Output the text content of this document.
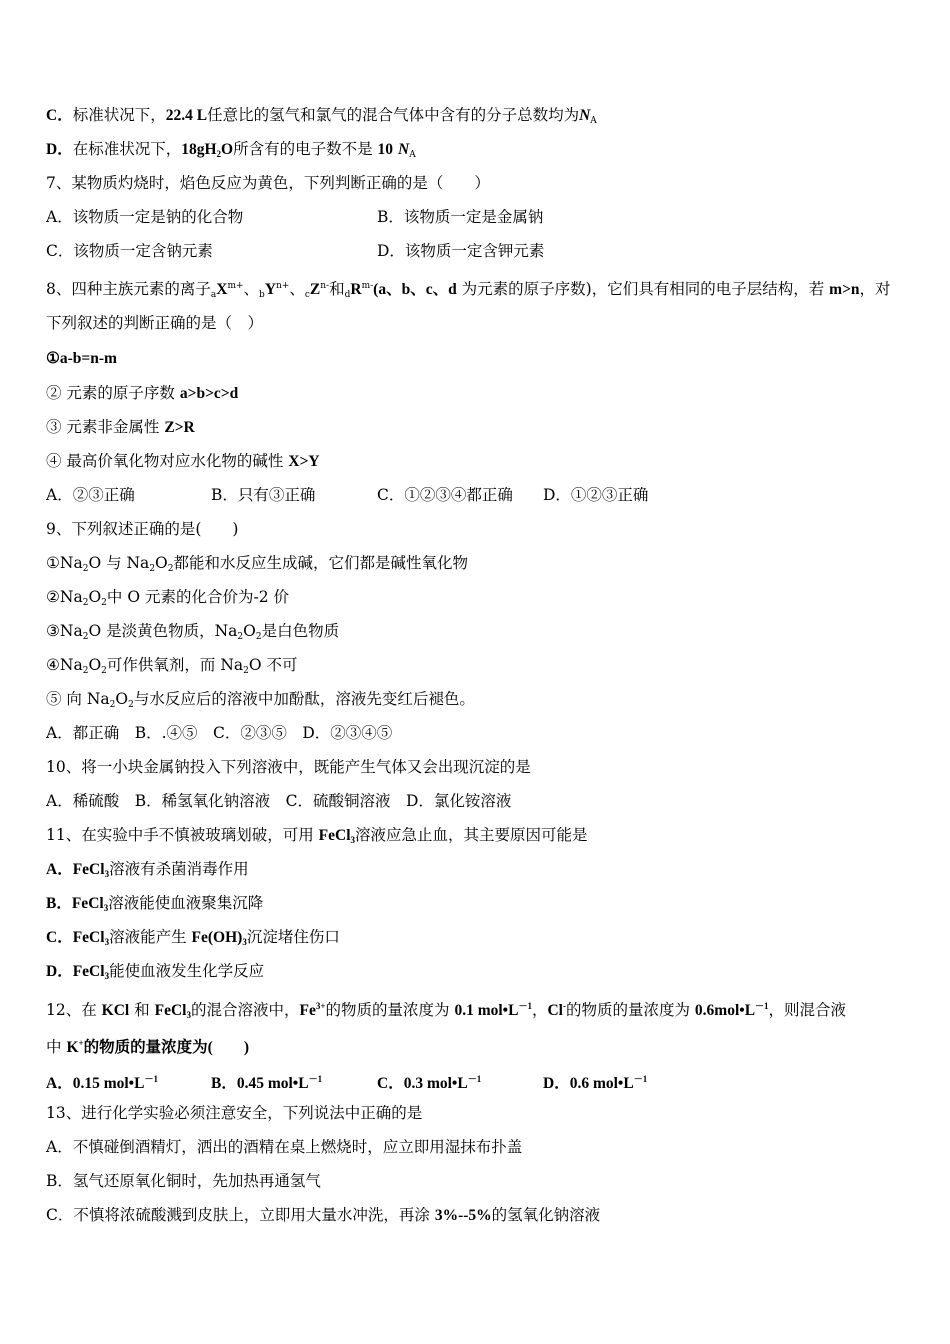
C．标准状况下，22.4 L任意比的氢气和氯气的混合气体中含有的分子总数均为$N_A$
D．在标准状况下，$18gH_2O$所含有的电子数不是 10 $N_A$
7、某物质灼烧时，焰色反应为黄色，下列判断正确的是（　　）
A．该物质一定是钠的化合物	B．该物质一定是金属钠
C．该物质一定含钠元素	D．该物质一定含钾元素
8、四种主族元素的离子$_aX^{m+}$、$_bY^{n+}$、$_cZ^{n-}$和$_dR^{m-}(a$、b、c、d 为元素的原子序数)，它们具有相同的电子层结构，若 m>n，对
下列叙述的判断正确的是（　）
①a-b=n-m
② 元素的原子序数 a>b>c>d
③ 元素非金属性 Z>R
④ 最高价氧化物对应水化物的碱性 X>Y
A．②③正确	B．只有③正确	C．①②③④都正确	D．①②③正确
9、下列叙述正确的是(　　)
$①Na_2O$ 与 $Na_2O_2$都能和水反应生成碱，它们都是碱性氧化物
$②Na_2O_2$中 O 元素的化合价为-2 价
$③Na_2O$ 是淡黄色物质，$Na_2O_2$是白色物质
$④Na_2O_2$可作供氧剂，而 $Na_2O$ 不可
⑤ 向 $Na_2O_2$与水反应后的溶液中加酚酞，溶液先变红后褪色。
A．都正确　B．.④⑤　C．②③⑤　D．②③④⑤
10、将一小块金属钠投入下列溶液中，既能产生气体又会出现沉淀的是
A．稀硫酸　B．稀氢氧化钠溶液　C．硫酸铜溶液　D．氯化铵溶液
11、在实验中手不慎被玻璃划破，可用 FeCl$_3$溶液应急止血，其主要原因可能是
A．FeCl$_3$溶液有杀菌消毒作用
B．FeCl$_3$溶液能使血液聚集沉降
C．FeCl$_3$溶液能产生 $Fe(OH)_3$沉淀堵住伤口
D．FeCl$_3$能使血液发生化学反应
12、在 KCl 和 FeCl$_3$的混合溶液中，$Fe^{3+}$的物质的量浓度为 0.1 $mol•L^{-1}$，Cl-的物质的量浓度为 $0.6mol•L^{-1}$，则混合液
中 K+的物质的量浓度为(　　)
A．0.15 $mol•L^{-1}$	B．0.45 $mol•L^{-1}$	C．0.3 $mol•L^{-1}$	D．0.6 $mol•L^{-1}$
13、进行化学实验必须注意安全，下列说法中正确的是
A．不慎碰倒酒精灯，洒出的酒精在桌上燃烧时，应立即用湿抹布扑盖
B．氢气还原氧化铜时，先加热再通氢气
C．不慎将浓硫酸溅到皮肤上，立即用大量水冲洗，再涂 3%--5%的氢氧化钠溶液
